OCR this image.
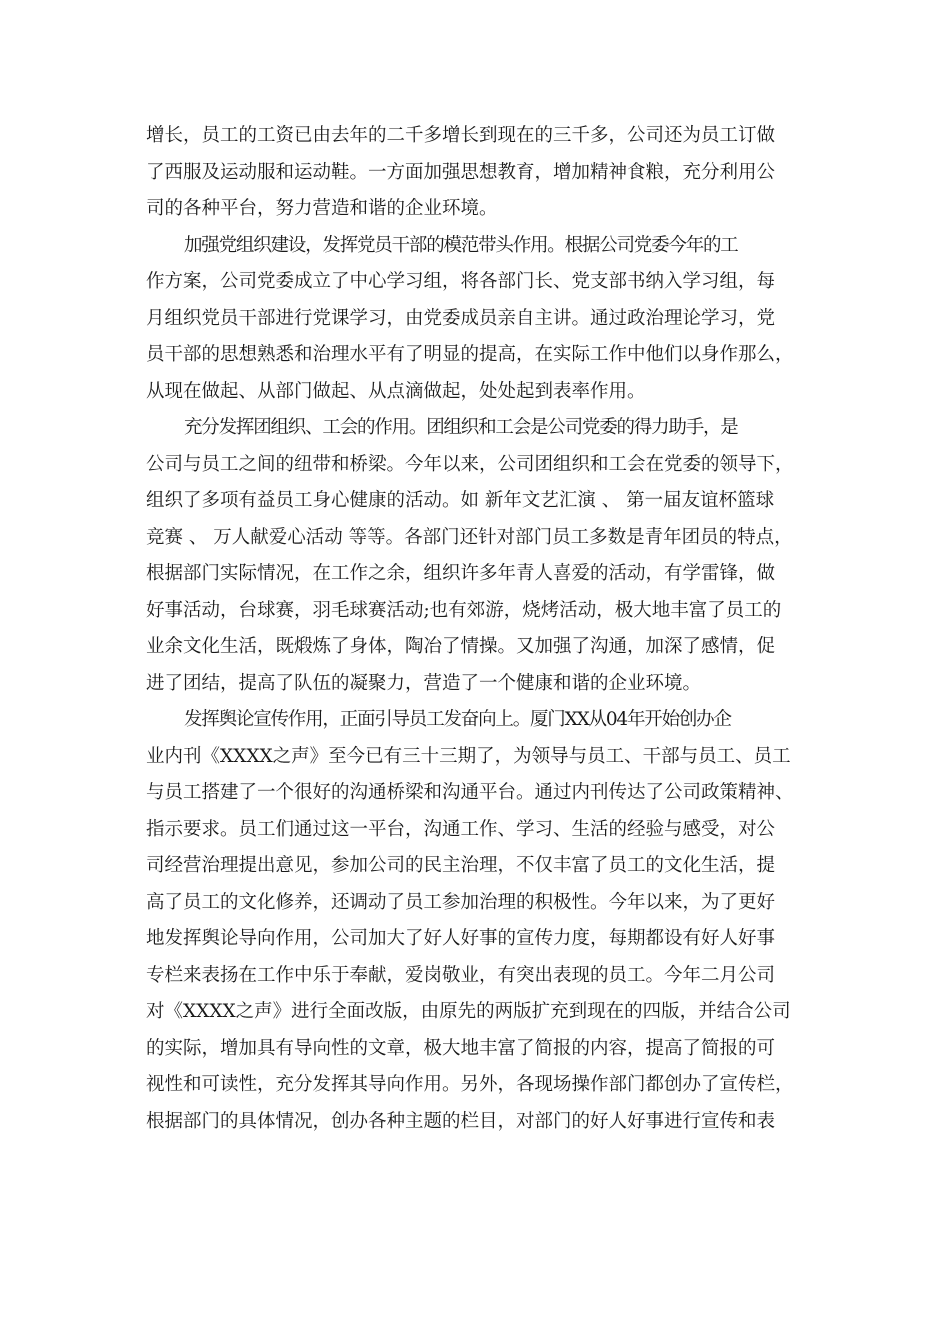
增长，员工的工资已由去年的二千多增长到现在的三千多，公司还为员工订做
了西服及运动服和运动鞋。一方面加强思想教育，增加精神食粮，充分利用公
司的各种平台，努力营造和谐的企业环境。
加强党组织建设，发挥党员干部的模范带头作用。根据公司党委今年的工
作方案，公司党委成立了中心学习组，将各部门长、党支部书纳入学习组，每
月组织党员干部进行党课学习，由党委成员亲自主讲。通过政治理论学习，党
员干部的思想熟悉和治理水平有了明显的提高，在实际工作中他们以身作那么，
从现在做起、从部门做起、从点滴做起，处处起到表率作用。
充分发挥团组织、工会的作用。团组织和工会是公司党委的得力助手，是
公司与员工之间的纽带和桥梁。今年以来，公司团组织和工会在党委的领导下，
组织了多项有益员工身心健康的活动。如 新年文艺汇演 、 第一届友谊杯篮球
竞赛 、 万人献爱心活动 等等。各部门还针对部门员工多数是青年团员的特点，
根据部门实际情况，在工作之余，组织许多年青人喜爱的活动，有学雷锋，做
好事活动，台球赛，羽毛球赛活动;也有郊游，烧烤活动，极大地丰富了员工的
业余文化生活，既煅炼了身体，陶冶了情操。又加强了沟通，加深了感情，促
进了团结，提高了队伍的凝聚力，营造了一个健康和谐的企业环境。
发挥舆论宣传作用，正面引导员工发奋向上。厦门XX从04年开始创办企
业内刊《XXXX之声》至今已有三十三期了，为领导与员工、干部与员工、员工
与员工搭建了一个很好的沟通桥梁和沟通平台。通过内刊传达了公司政策精神、
指示要求。员工们通过这一平台，沟通工作、学习、生活的经验与感受，对公
司经营治理提出意见，参加公司的民主治理，不仅丰富了员工的文化生活，提
高了员工的文化修养，还调动了员工参加治理的积极性。今年以来，为了更好
地发挥舆论导向作用，公司加大了好人好事的宣传力度，每期都设有好人好事
专栏来表扬在工作中乐于奉献，爱岗敬业，有突出表现的员工。今年二月公司
对《XXXX之声》进行全面改版，由原先的两版扩充到现在的四版，并结合公司
的实际，增加具有导向性的文章，极大地丰富了简报的内容，提高了简报的可
视性和可读性，充分发挥其导向作用。另外，各现场操作部门都创办了宣传栏，
根据部门的具体情况，创办各种主题的栏目，对部门的好人好事进行宣传和表
